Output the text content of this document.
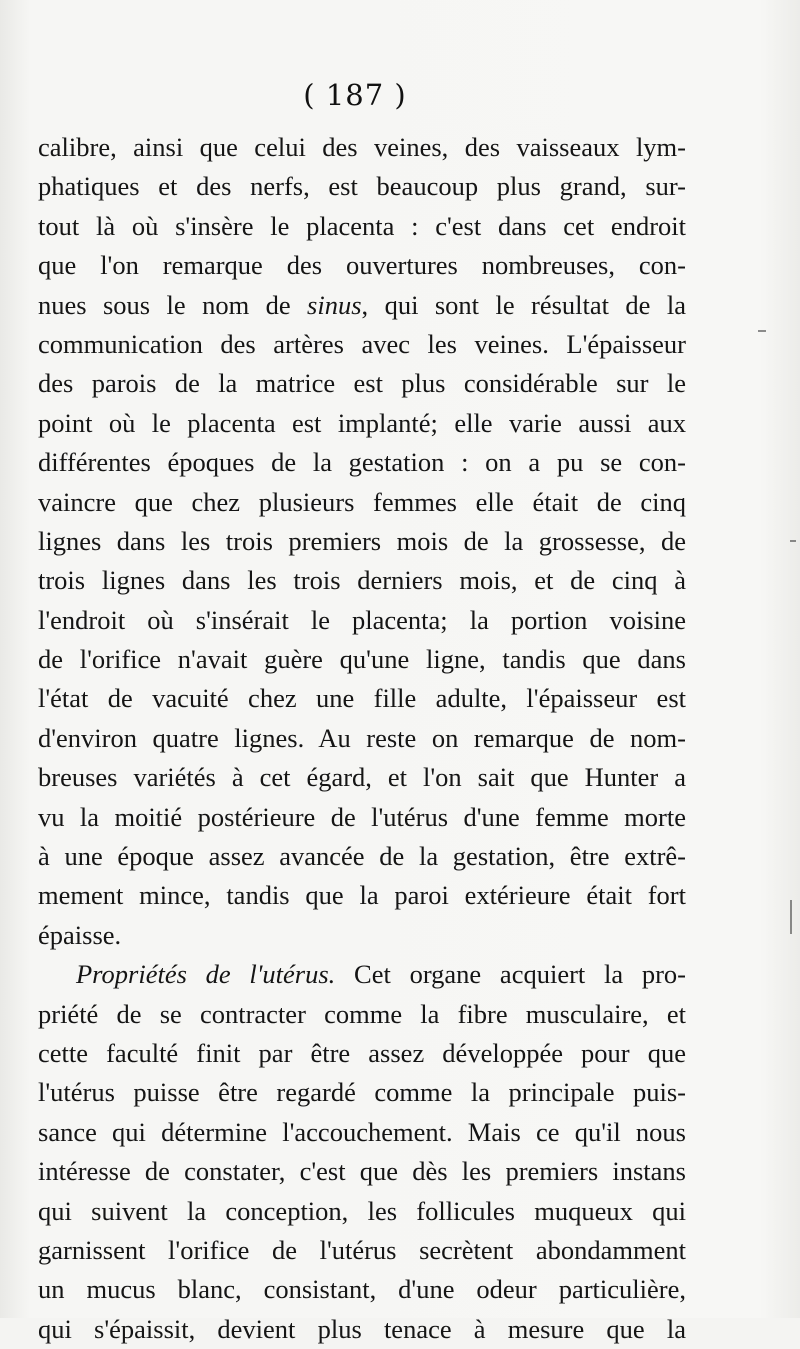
( 187 )
calibre, ainsi que celui des veines, des vaisseaux lym-
phatiques et des nerfs, est beaucoup plus grand, sur-
tout là où s'insère le placenta : c'est dans cet endroit
que l'on remarque des ouvertures nombreuses, con-
nues sous le nom de sinus, qui sont le résultat de la
communication des artères avec les veines. L'épaisseur
des parois de la matrice est plus considérable sur le
point où le placenta est implanté; elle varie aussi aux
différentes époques de la gestation : on a pu se con-
vaincre que chez plusieurs femmes elle était de cinq
lignes dans les trois premiers mois de la grossesse, de
trois lignes dans les trois derniers mois, et de cinq à
l'endroit où s'insérait le placenta; la portion voisine
de l'orifice n'avait guère qu'une ligne, tandis que dans
l'état de vacuité chez une fille adulte, l'épaisseur est
d'environ quatre lignes. Au reste on remarque de nom-
breuses variétés à cet égard, et l'on sait que Hunter a
vu la moitié postérieure de l'utérus d'une femme morte
à une époque assez avancée de la gestation, être extrê-
mement mince, tandis que la paroi extérieure était fort
épaisse.
Propriétés de l'utérus. Cet organe acquiert la pro-
priété de se contracter comme la fibre musculaire, et
cette faculté finit par être assez développée pour que
l'utérus puisse être regardé comme la principale puis-
sance qui détermine l'accouchement. Mais ce qu'il nous
intéresse de constater, c'est que dès les premiers instans
qui suivent la conception, les follicules muqueux qui
garnissent l'orifice de l'utérus secrètent abondamment
un mucus blanc, consistant, d'une odeur particulière,
qui s'épaissit, devient plus tenace à mesure que la
